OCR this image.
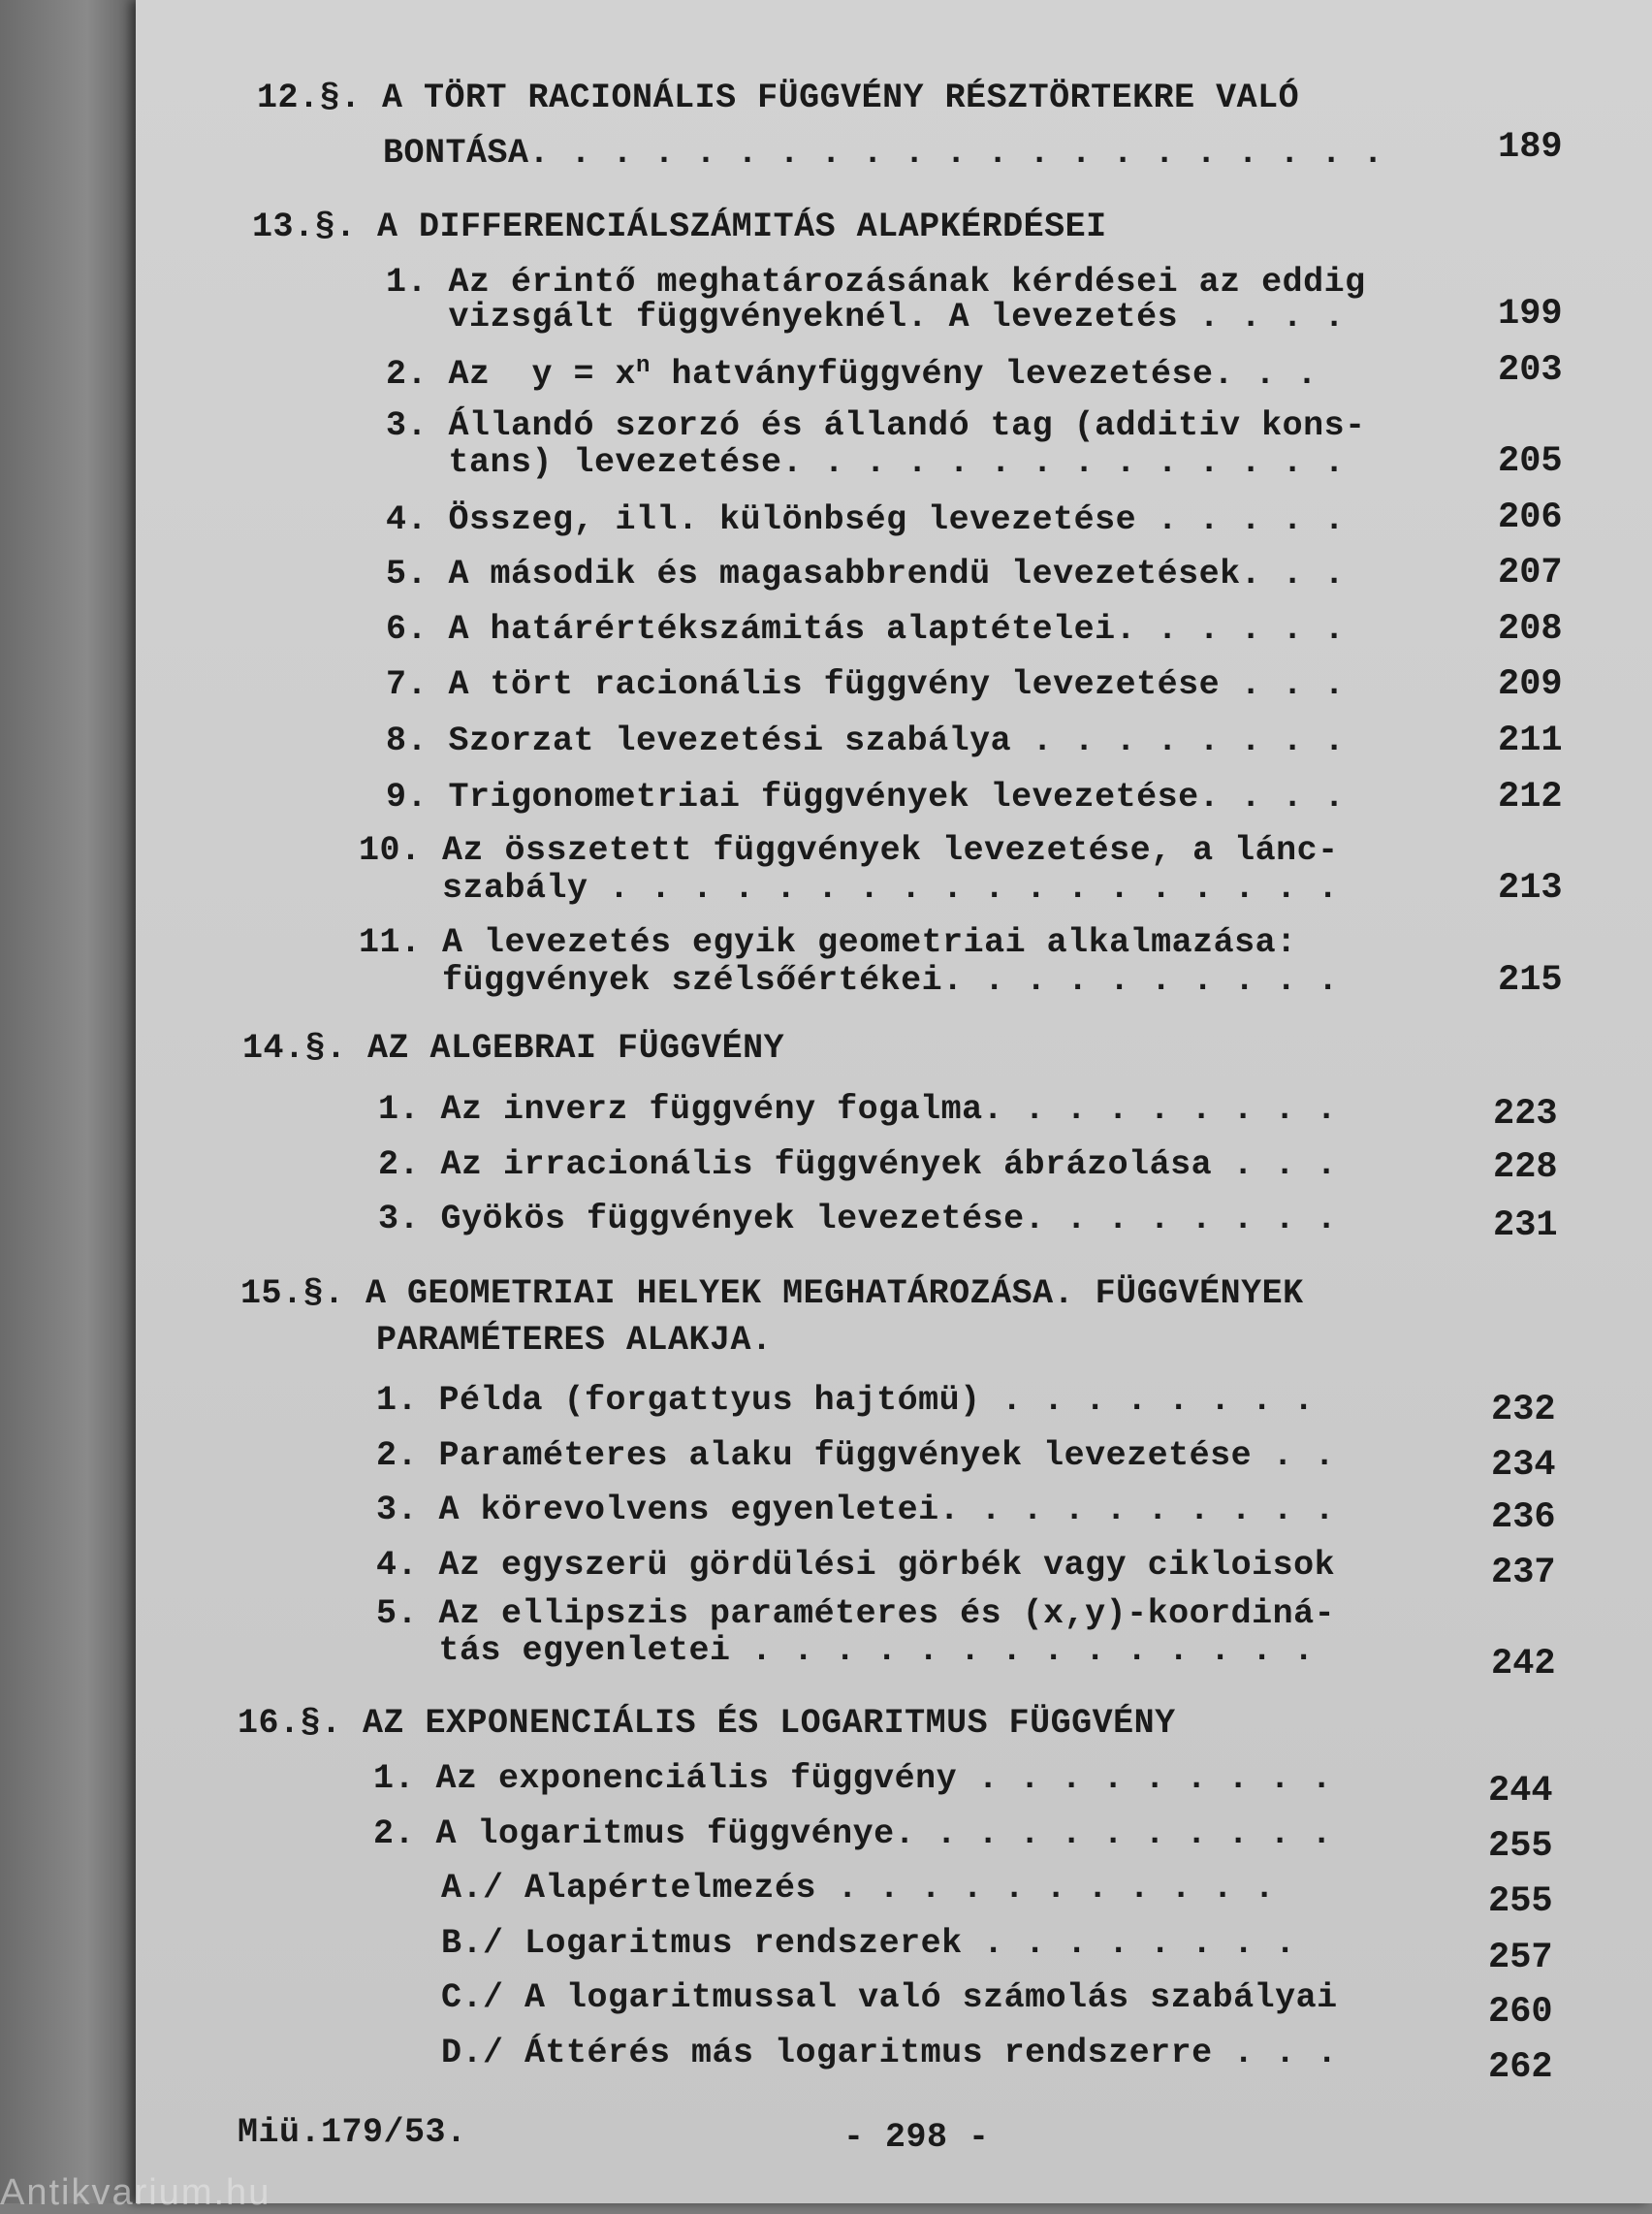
12.§. A TÖRT RACIONÁLIS FÜGGVÉNY RÉSZTÖRTEKRE VALÓ
BONTÁSA. . . . . . . . . . . . . . . . . . . . .	189
13.§. A DIFFERENCIÁLSZÁMITÁS ALAPKÉRDÉSEI
1. Az érintő meghatározásának kérdései az eddig
vizsgált függvényeknél. A levezetés . . . .	199
2. Az  $y = x^n$ hatványfüggvény levezetése. . .	203
3. Állandó szorzó és állandó tag (additiv kons-
tans) levezetése. . . . . . . . . . . . . .	205
4. Összeg, ill. különbség levezetése . . . . .	206
5. A második és magasabbrendü levezetések. . .	207
6. A határértékszámitás alaptételei. . . . . .	208
7. A tört racionális függvény levezetése . . .	209
8. Szorzat levezetési szabálya . . . . . . . .	211
9. Trigonometriai függvények levezetése. . . .	212
10. Az összetett függvények levezetése, a lánc-
szabály . . . . . . . . . . . . . . . . . .	213
11. A levezetés egyik geometriai alkalmazása:
függvények szélsőértékei. . . . . . . . . .	215
14.§. AZ ALGEBRAI FÜGGVÉNY
1. Az inverz függvény fogalma. . . . . . . . .	223
2. Az irracionális függvények ábrázolása . . .	228
3. Gyökös függvények levezetése. . . . . . . .	231
15.§. A GEOMETRIAI HELYEK MEGHATÁROZÁSA. FÜGGVÉNYEK
PARAMÉTERES ALAKJA.
1. Példa (forgattyus hajtómü) . . . . . . . .	232
2. Paraméteres alaku függvények levezetése . .	234
3. A körevolvens egyenletei. . . . . . . . . .	236
4. Az egyszerü gördülési görbék vagy cikloisok	237
5. Az ellipszis paraméteres és (x,y)-koordiná-
tás egyenletei . . . . . . . . . . . . . .	242
16.§. AZ EXPONENCIÁLIS ÉS LOGARITMUS FÜGGVÉNY
1. Az exponenciális függvény . . . . . . . . .	244
2. A logaritmus függvénye. . . . . . . . . . .	255
A./ Alapértelmezés . . . . . . . . . . .	255
B./ Logaritmus rendszerek . . . . . . . .	257
C./ A logaritmussal való számolás szabályai	260
D./ Áttérés más logaritmus rendszerre . . .	262
Miü.179/53.	- 298 -
Antikvarium.hu
